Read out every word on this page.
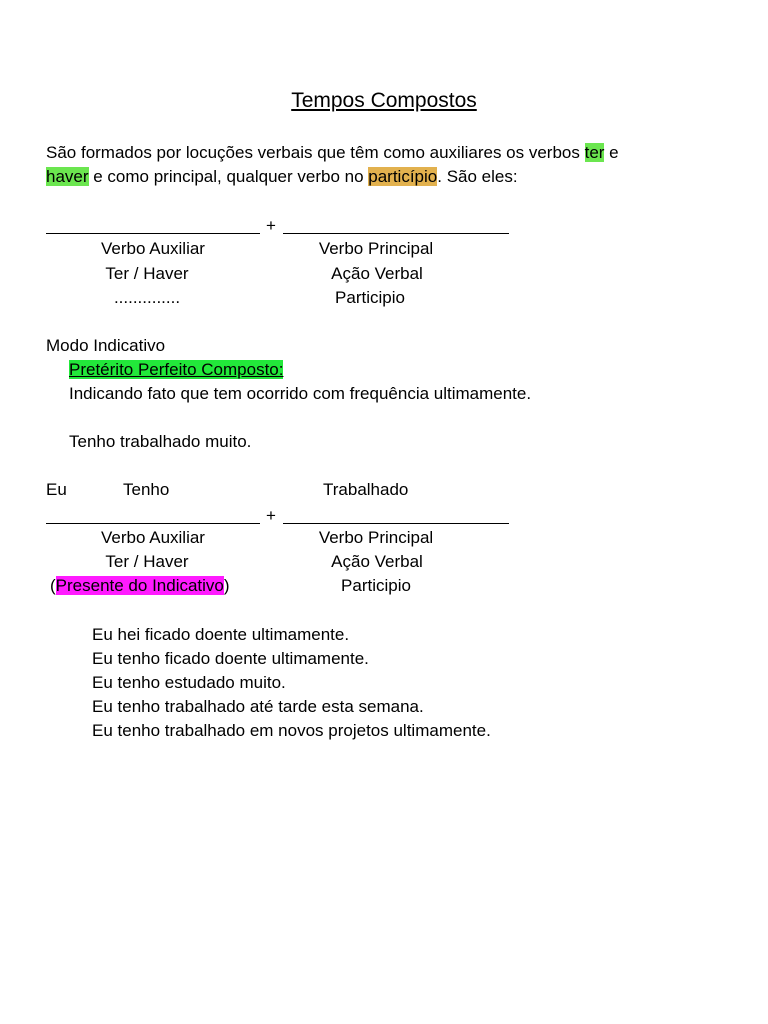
Tempos Compostos
São formados por locuções verbais que têm como auxiliares os verbos ter e
haver e como principal, qualquer verbo no particípio. São eles:
+
Verbo Auxiliar
Ter / Haver
..............
Verbo Principal
Ação Verbal
Participio
Modo Indicativo
Pretérito Perfeito Composto:
Indicando fato que tem ocorrido com frequência ultimamente.
Tenho trabalhado muito.
Eu	Tenho	Trabalhado
+
Verbo Auxiliar
Ter / Haver
(Presente do Indicativo)
Verbo Principal
Ação Verbal
Participio
Eu hei ficado doente ultimamente.
Eu tenho ficado doente ultimamente.
Eu tenho estudado muito.
Eu tenho trabalhado até tarde esta semana.
Eu tenho trabalhado em novos projetos ultimamente.
